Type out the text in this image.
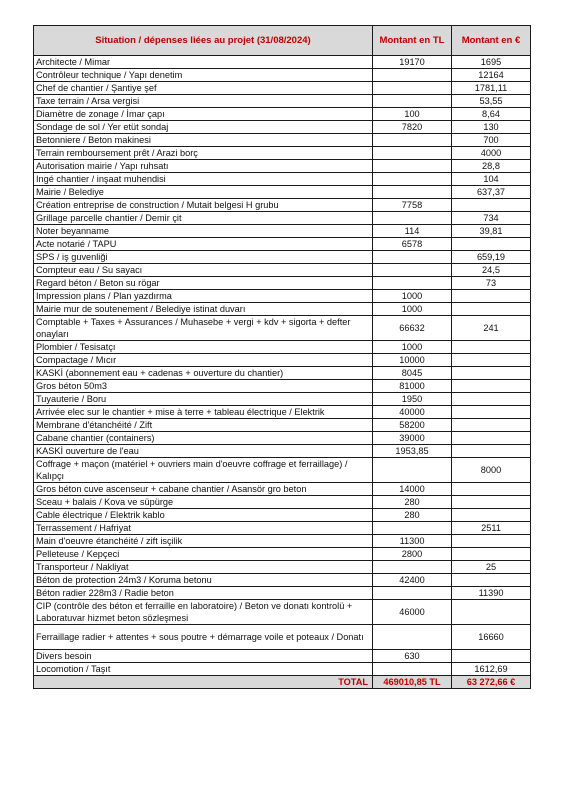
Situation / dépenses liées au projet (31/08/2024)	Montant en TL	Montant en €
Architecte / Mimar	19170	1695
Contrôleur technique / Yapı denetim		12164
Chef de chantier / Şantiye şef		1781,11
Taxe terrain / Arsa vergisi		53,55
Diamètre de zonage / İmar çapı	100	8,64
Sondage de sol / Yer etüt sondaj	7820	130
Betonniere / Beton makinesi		700
Terrain remboursement prêt / Arazi borç		4000
Autorisation mairie / Yapı ruhsatı		28,8
Ingé chantier / inşaat muhendisi		104
Mairie / Belediye		637,37
Création entreprise de construction / Mutait belgesi H grubu	7758	
Grillage parcelle chantier / Demir çit		734
Noter beyanname	114	39,81
Acte notarié / TAPU	6578	
SPS / iş guvenliği		659,19
Compteur eau / Su sayacı		24,5
Regard béton / Beton su rögar		73
Impression plans / Plan yazdırma	1000	
Mairie mur de soutenement / Belediye istinat duvarı	1000	
Comptable + Taxes + Assurances / Muhasebe + vergi + kdv + sigorta + defter onayları	66632	241
Plombier / Tesisatçı	1000	
Compactage / Mıcır	10000	
KASKİ (abonnement eau + cadenas + ouverture du chantier)	8045	
Gros béton 50m3	81000	
Tuyauterie / Boru	1950	
Arrivée elec sur le chantier + mise à terre + tableau électrique / Elektrik	40000	
Membrane d'étanchéité / Zift	58200	
Cabane chantier (containers)	39000	
KASKİ ouverture de l'eau	1953,85	
Coffrage + maçon (matériel + ouvriers main d'oeuvre coffrage et ferraillage) / Kalıpçı		8000
Gros béton cuve ascenseur + cabane chantier / Asansör gro beton	14000	
Sceau + balais / Kova ve süpürge	280	
Cable électrique / Elektrik kablo	280	
Terrassement / Hafriyat		2511
Main d'oeuvre étanchéité / zift isçilik	11300	
Pelleteuse / Kepçeci	2800	
Transporteur / Nakliyat		25
Béton de protection 24m3 / Koruma betonu	42400	
Béton radier 228m3 / Radie beton		11390
CIP (contrôle des béton et ferraille en laboratoire) / Beton ve donatı kontrolü + Laboratuvar hizmet beton sözleşmesi	46000	
Ferraillage radier + attentes + sous poutre + démarrage voile et poteaux / Donatı		16660
Divers besoin	630	
Locomotion / Taşıt		1612,69
TOTAL	469010,85 TL	63 272,66 €
